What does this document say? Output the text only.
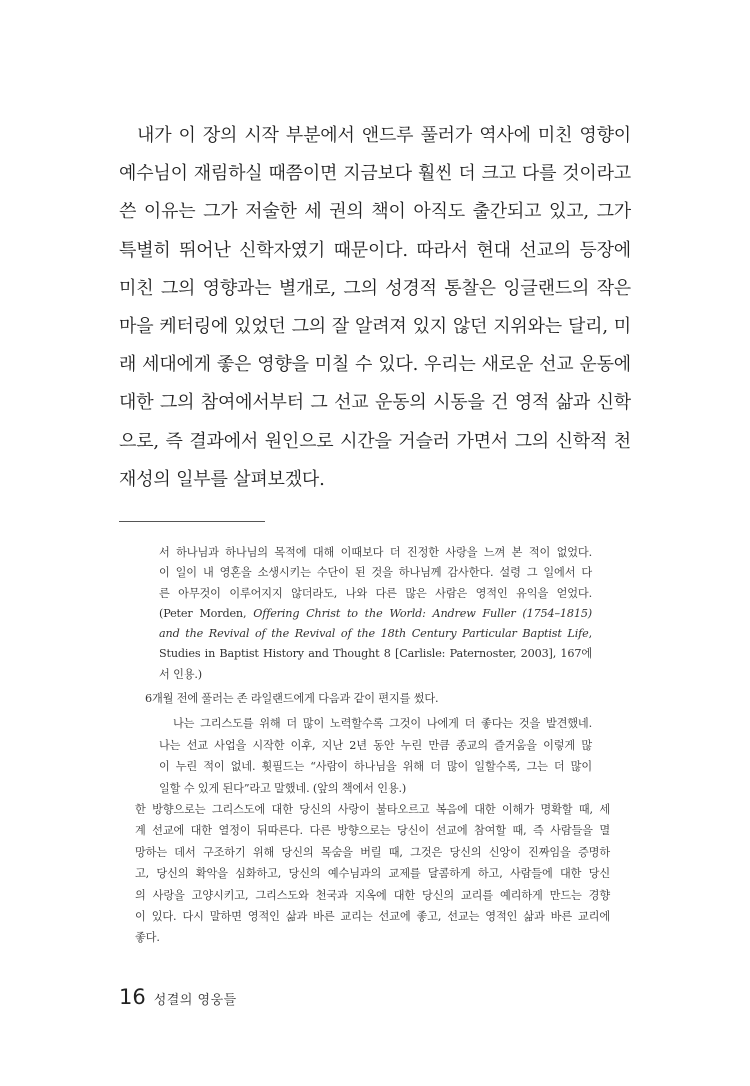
내가 이 장의 시작 부분에서 앤드루 풀러가 역사에 미친 영향이
예수님이 재림하실 때쯤이면 지금보다 훨씬 더 크고 다를 것이라고
쓴 이유는 그가 저술한 세 권의 책이 아직도 출간되고 있고, 그가
특별히 뛰어난 신학자였기 때문이다. 따라서 현대 선교의 등장에
미친 그의 영향과는 별개로, 그의 성경적 통찰은 잉글랜드의 작은
마을 케터링에 있었던 그의 잘 알려져 있지 않던 지위와는 달리, 미
래 세대에게 좋은 영향을 미칠 수 있다. 우리는 새로운 선교 운동에
대한 그의 참여에서부터 그 선교 운동의 시동을 건 영적 삶과 신학
으로, 즉 결과에서 원인으로 시간을 거슬러 가면서 그의 신학적 천
재성의 일부를 살펴보겠다.
서 하나님과 하나님의 목적에 대해 이때보다 더 진정한 사랑을 느껴 본 적이 없었다.
이 일이 내 영혼을 소생시키는 수단이 된 것을 하나님께 감사한다. 설령 그 일에서 다
른 아무것이 이루어지지 않더라도, 나와 다른 많은 사람은 영적인 유익을 얻었다.
(Peter Morden, Offering Christ to the World: Andrew Fuller (1754–1815)
and the Revival of the Revival of the 18th Century Particular Baptist Life,
Studies in Baptist History and Thought 8 [Carlisle: Paternoster, 2003], 167에
서 인용.)
6개월 전에 풀러는 존 라일랜드에게 다음과 같이 편지를 썼다.
나는 그리스도를 위해 더 많이 노력할수록 그것이 나에게 더 좋다는 것을 발견했네.
나는 선교 사업을 시작한 이후, 지난 2년 동안 누린 만큼 종교의 즐거움을 이렇게 많
이 누린 적이 없네. 휫필드는 “사람이 하나님을 위해 더 많이 일할수록, 그는 더 많이
일할 수 있게 된다”라고 말했네. (앞의 책에서 인용.)
한 방향으로는 그리스도에 대한 당신의 사랑이 불타오르고 복음에 대한 이해가 명확할 때, 세
계 선교에 대한 열정이 뒤따른다. 다른 방향으로는 당신이 선교에 참여할 때, 즉 사람들을 멸
망하는 데서 구조하기 위해 당신의 목숨을 버릴 때, 그것은 당신의 신앙이 진짜임을 증명하
고, 당신의 확악을 심화하고, 당신의 예수님과의 교제를 달콤하게 하고, 사람들에 대한 당신
의 사랑을 고양시키고, 그리스도와 천국과 지옥에 대한 당신의 교리를 예리하게 만드는 경향
이 있다. 다시 말하면 영적인 삶과 바른 교리는 선교에 좋고, 선교는 영적인 삶과 바른 교리에
좋다.
16 성결의 영웅들
